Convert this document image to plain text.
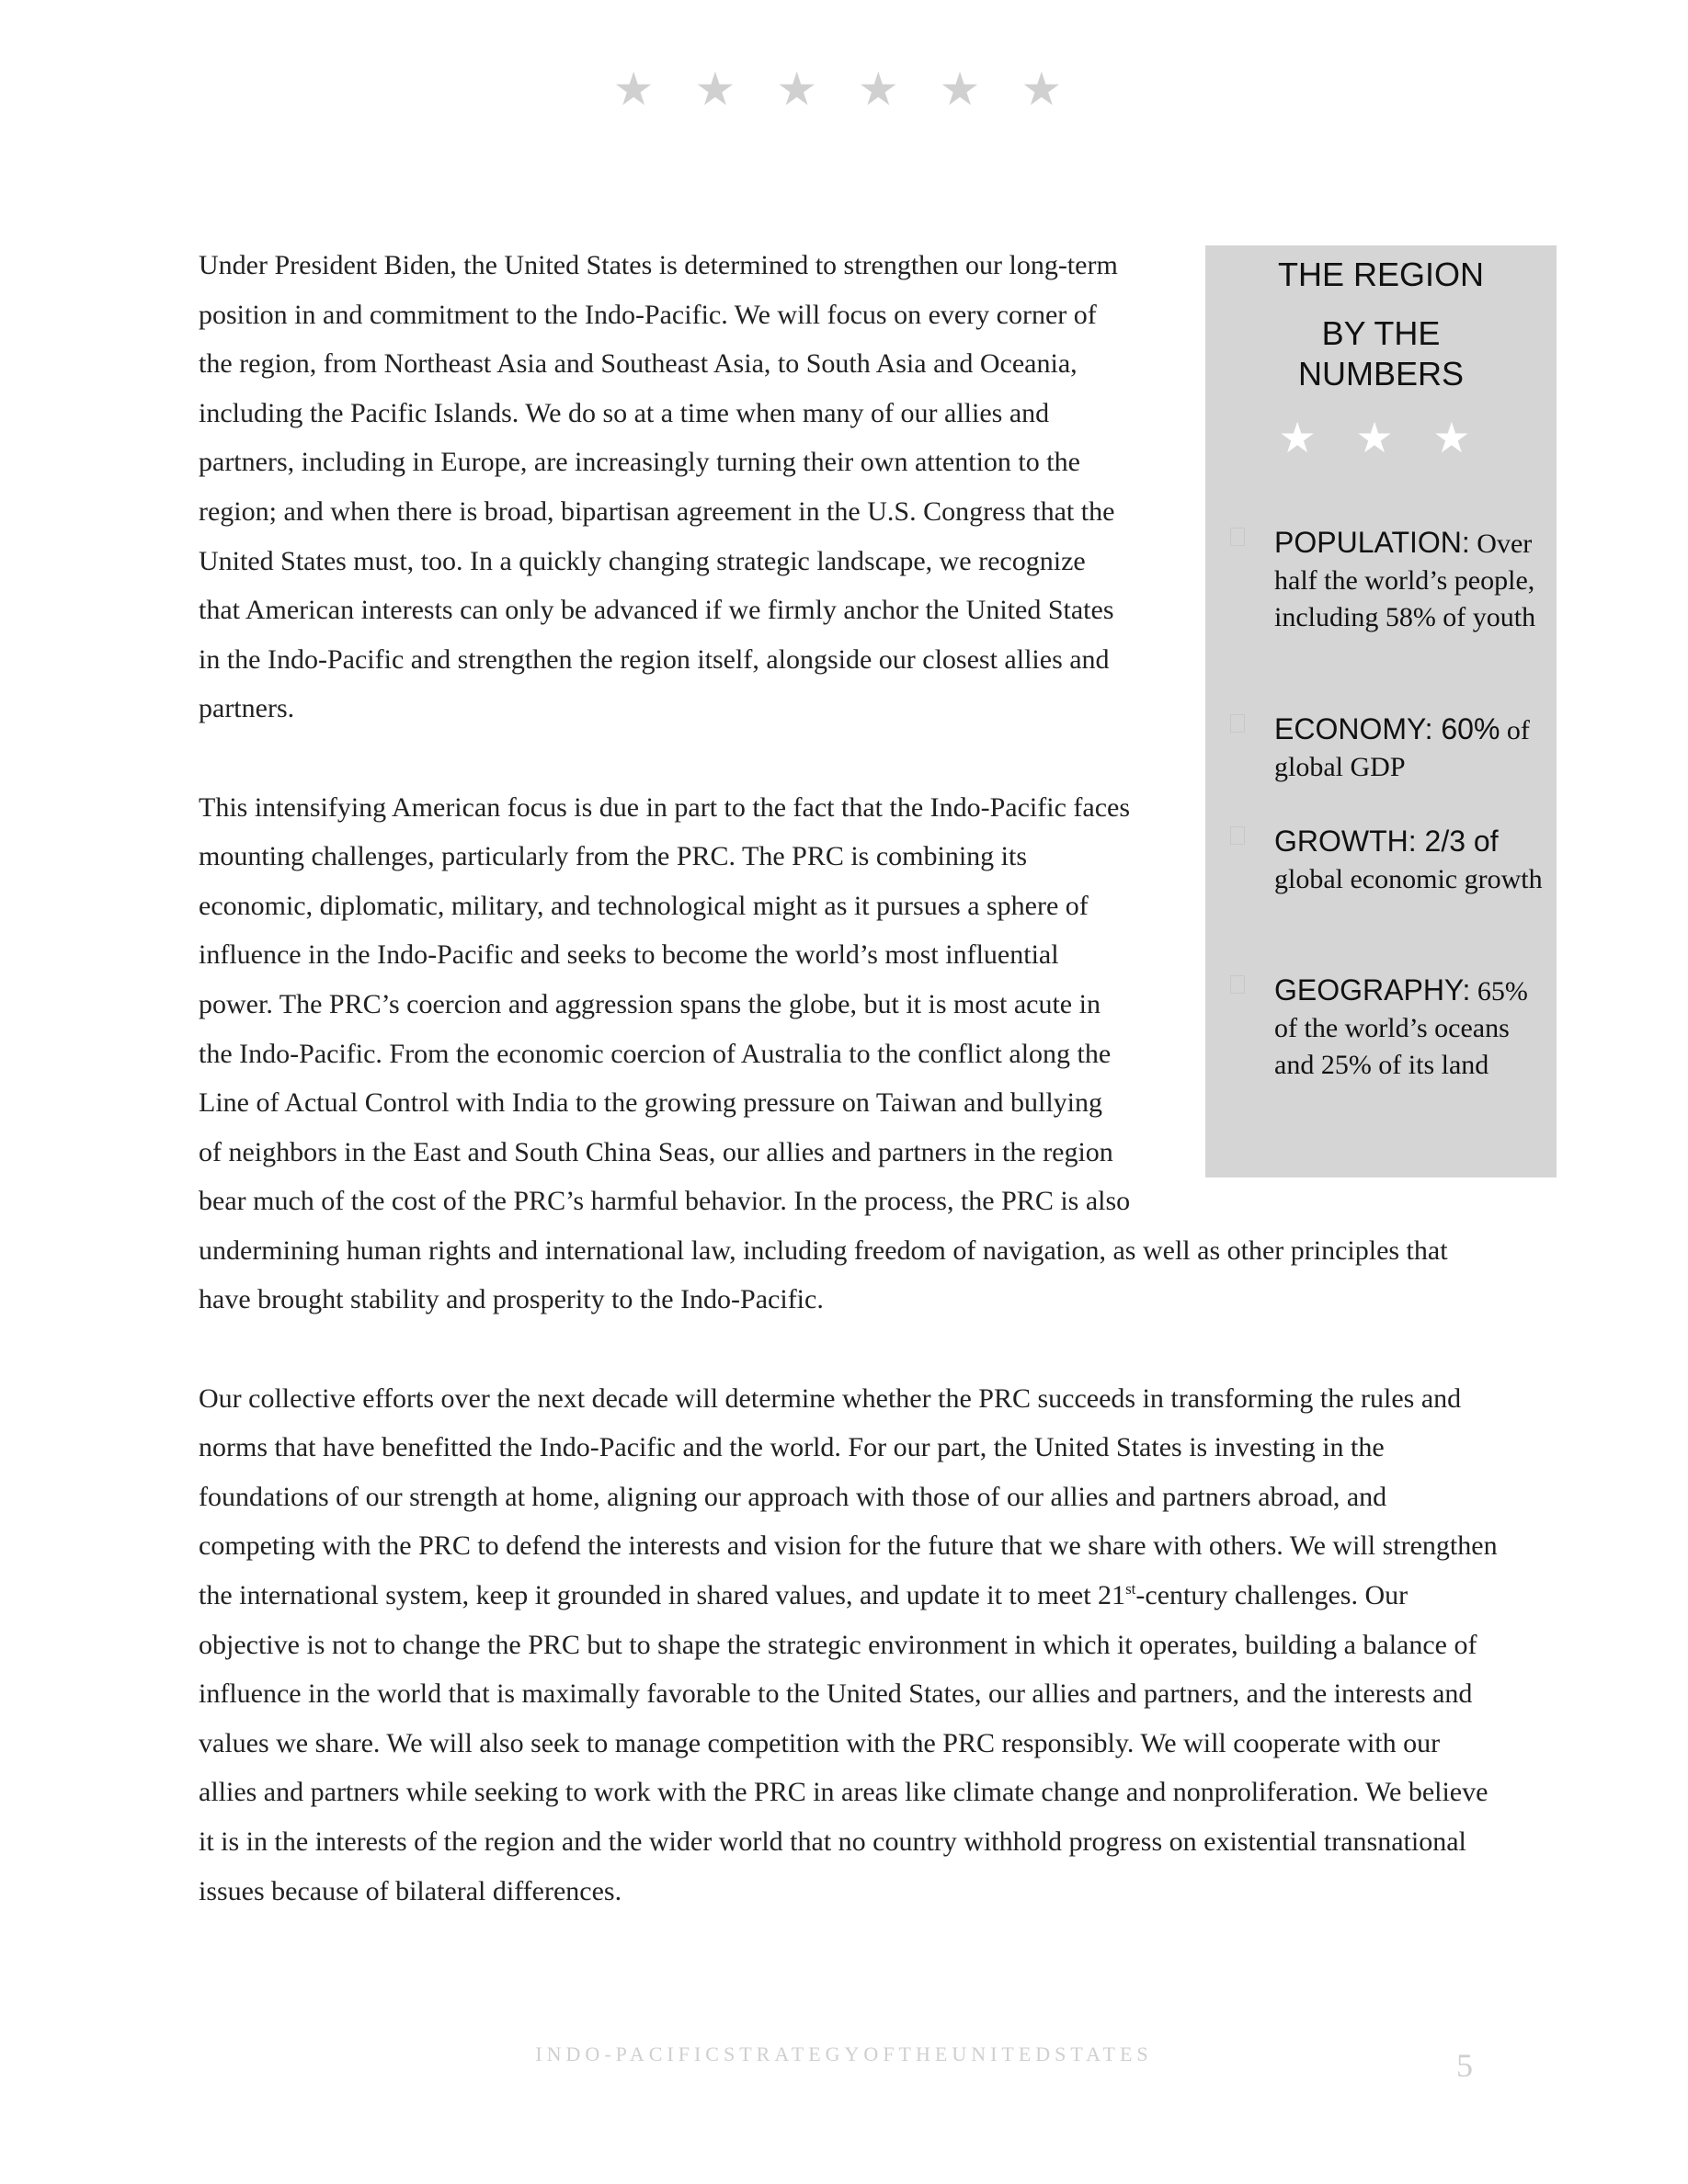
★ ★ ★ ★ ★ ★

Under President Biden, the United States is determined to strengthen our long-term position in and commitment to the Indo-Pacific. We will focus on every corner of the region, from Northeast Asia and Southeast Asia, to South Asia and Oceania, including the Pacific Islands. We do so at a time when many of our allies and partners, including in Europe, are increasingly turning their own attention to the region; and when there is broad, bipartisan agreement in the U.S. Congress that the United States must, too. In a quickly changing strategic landscape, we recognize that American interests can only be advanced if we firmly anchor the United States in the Indo-Pacific and strengthen the region itself, alongside our closest allies and partners.

This intensifying American focus is due in part to the fact that the Indo-Pacific faces mounting challenges, particularly from the PRC. The PRC is combining its economic, diplomatic, military, and technological might as it pursues a sphere of influence in the Indo-Pacific and seeks to become the world’s most influential power. The PRC’s coercion and aggression spans the globe, but it is most acute in the Indo-Pacific. From the economic coercion of Australia to the conflict along the Line of Actual Control with India to the growing pressure on Taiwan and bullying of neighbors in the East and South China Seas, our allies and partners in the region bear much of the cost of the PRC’s harmful behavior. In the process, the PRC is also undermining human rights and international law, including freedom of navigation, as well as other principles that have brought stability and prosperity to the Indo-Pacific.

Our collective efforts over the next decade will determine whether the PRC succeeds in transforming the rules and norms that have benefitted the Indo-Pacific and the world. For our part, the United States is investing in the foundations of our strength at home, aligning our approach with those of our allies and partners abroad, and competing with the PRC to defend the interests and vision for the future that we share with others. We will strengthen the international system, keep it grounded in shared values, and update it to meet 21st-century challenges. Our objective is not to change the PRC but to shape the strategic environment in which it operates, building a balance of influence in the world that is maximally favorable to the United States, our allies and partners, and the interests and values we share. We will also seek to manage competition with the PRC responsibly. We will cooperate with our allies and partners while seeking to work with the PRC in areas like climate change and nonproliferation. We believe it is in the interests of the region and the wider world that no country withhold progress on existential transnational issues because of bilateral differences.

THE REGION
BY THE
NUMBERS
★ ★ ★
POPULATION: Over half the world’s people, including 58% of youth
ECONOMY: 60% of global GDP
GROWTH: 2/3 of global economic growth
GEOGRAPHY: 65% of the world’s oceans and 25% of its land
INDO-PACIFICSTRATEGYOFTHEUNITEDSTATES	5
